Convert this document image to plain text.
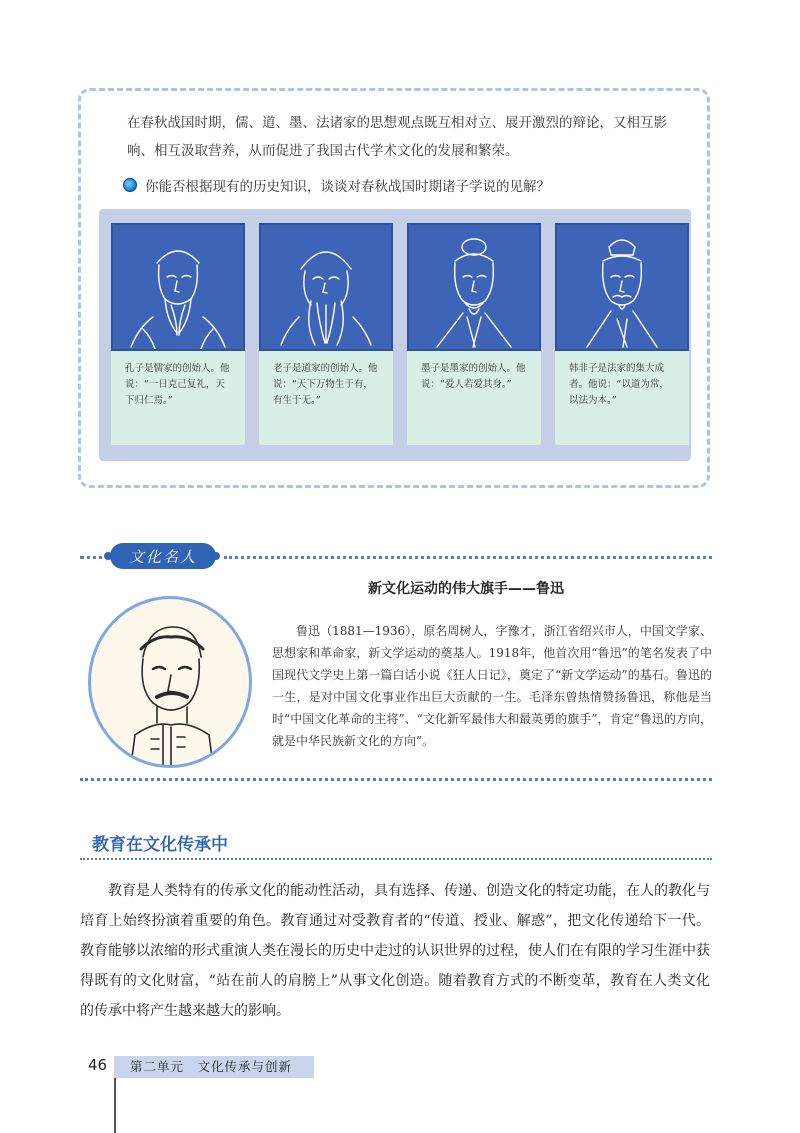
在春秋战国时期，儒、道、墨、法诸家的思想观点既互相对立、展开激烈的辩论，又相互影响、相互汲取营养，从而促进了我国古代学术文化的发展和繁荣。

你能否根据现有的历史知识，谈谈对春秋战国时期诸子学说的见解？
孔子是儒家的创始人。他说：“一日克己复礼，天下归仁焉。”
老子是道家的创始人。他说：“天下万物生于有，有生于无。”
墨子是墨家的创始人。他说：“爱人若爱其身。”
韩非子是法家的集大成者。他说：“以道为常，以法为本。”
文化名人
新文化运动的伟大旗手——鲁迅

鲁迅（1881—1936），原名周树人，字豫才，浙江省绍兴市人，中国文学家、思想家和革命家，新文学运动的奠基人。1918年，他首次用“鲁迅”的笔名发表了中国现代文学史上第一篇白话小说《狂人日记》，奠定了“新文学运动”的基石。鲁迅的一生，是对中国文化事业作出巨大贡献的一生。毛泽东曾热情赞扬鲁迅，称他是当时“中国文化革命的主将”、“文化新军最伟大和最英勇的旗手”，肯定“鲁迅的方向，就是中华民族新文化的方向”。

教育在文化传承中

教育是人类特有的传承文化的能动性活动，具有选择、传递、创造文化的特定功能，在人的教化与培育上始终扮演着重要的角色。教育通过对受教育者的“传道、授业、解惑”，把文化传递给下一代。教育能够以浓缩的形式重演人类在漫长的历史中走过的认识世界的过程，使人们在有限的学习生涯中获得既有的文化财富，“站在前人的肩膀上”从事文化创造。随着教育方式的不断变革，教育在人类文化的传承中将产生越来越大的影响。

46	第二单元　文化传承与创新
